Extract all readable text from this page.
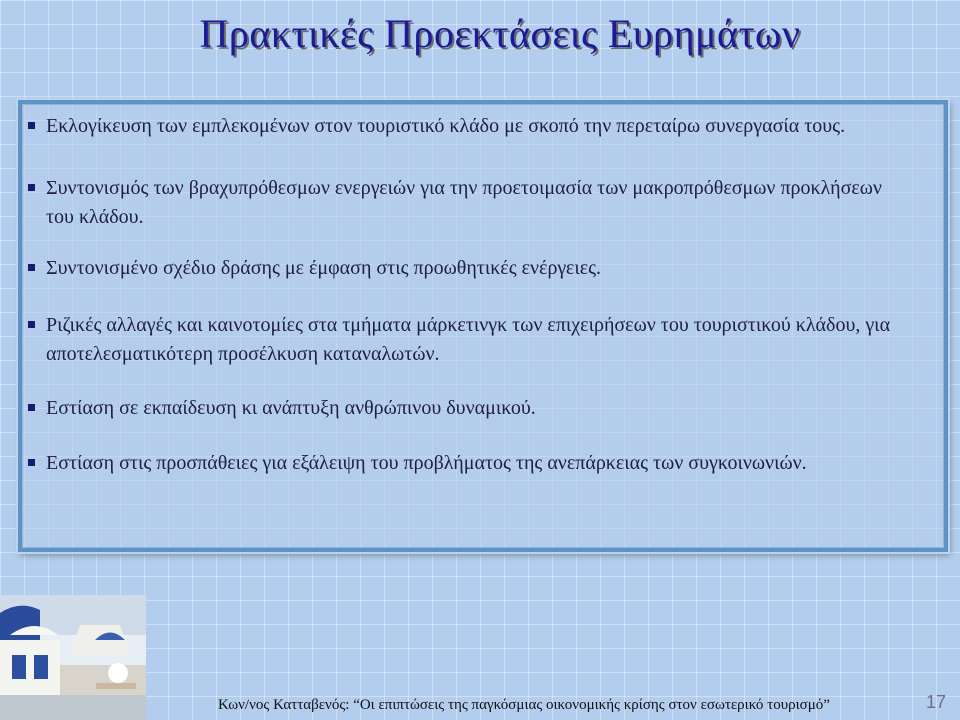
Πρακτικές Προεκτάσεις Ευρημάτων
Εκλογίκευση των εμπλεκομένων στον τουριστικό κλάδο με σκοπό την περεταίρω συνεργασία τους.
Συντονισμός των βραχυπρόθεσμων ενεργειών για την προετοιμασία των μακροπρόθεσμων προκλήσεων του κλάδου.
Συντονισμένο σχέδιο δράσης με έμφαση στις προωθητικές ενέργειες.
Ριζικές αλλαγές και καινοτομίες στα τμήματα μάρκετινγκ των επιχειρήσεων του τουριστικού κλάδου, για αποτελεσματικότερη προσέλκυση καταναλωτών.
Εστίαση σε εκπαίδευση κι ανάπτυξη ανθρώπινου δυναμικού.
Εστίαση στις προσπάθειες για εξάλειψη του προβλήματος της ανεπάρκειας των συγκοινωνιών.
Κων/νος Κατταβενός: “Οι επιπτώσεις της παγκόσμιας οικονομικής κρίσης στον εσωτερικό τουρισμό”	17
